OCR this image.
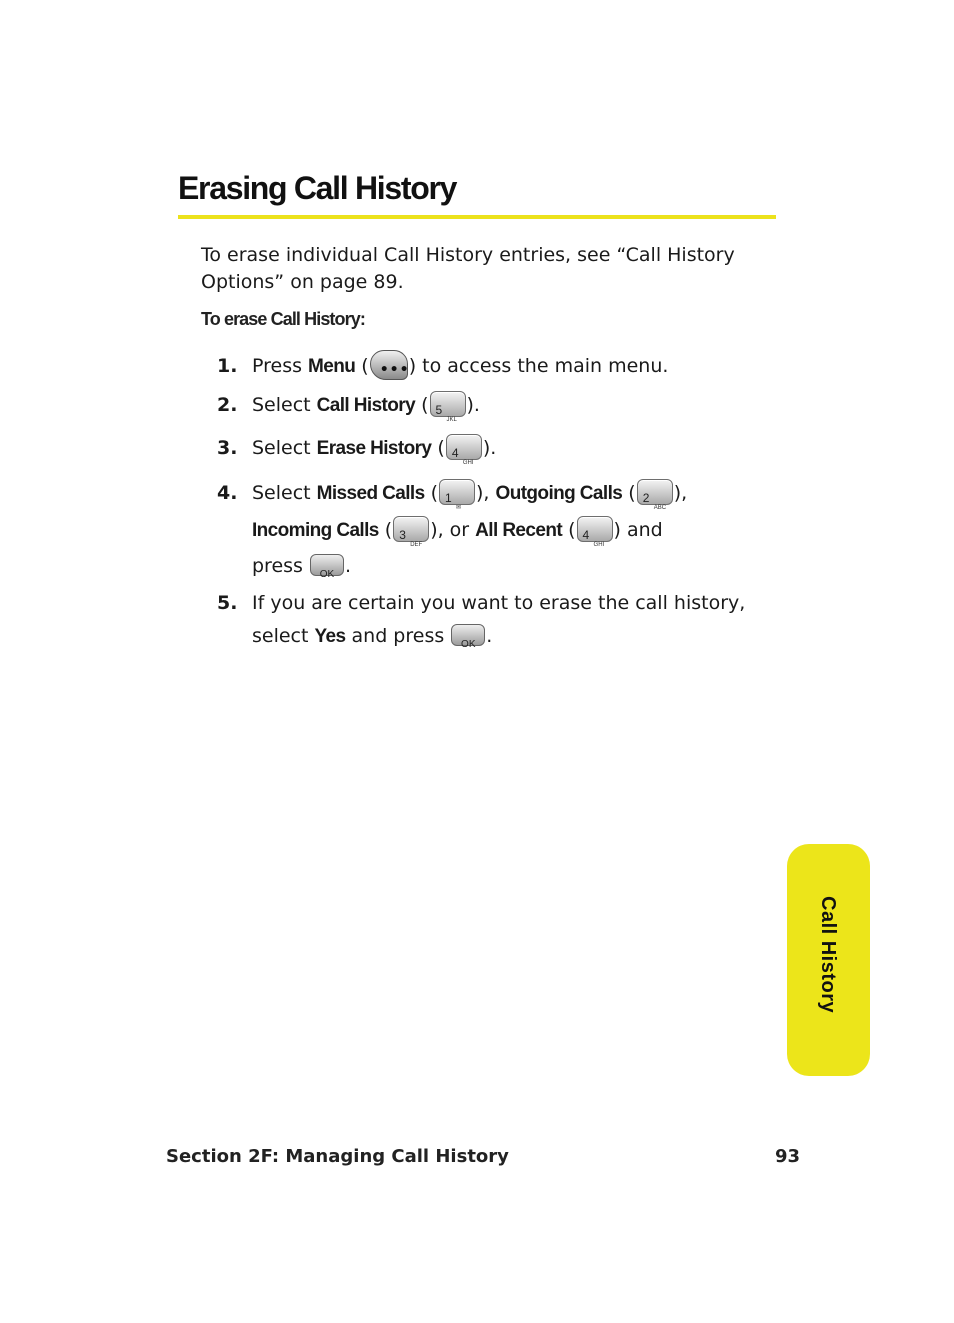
Erasing Call History

To erase individual Call History entries, see “Call History Options” on page 89.

To erase Call History:

1. Press Menu ( ••• ) to access the main menu.
2. Select Call History ( 5
JKL
).
3. Select Erase History ( 4
GHI
).
4. Select Missed Calls ( 1
✉
), Outgoing Calls ( 2
ABC
),
Incoming Calls ( 3
DEF
), or All Recent ( 4
GHI
) and
press	OK .
5. If you are certain you want to erase the call history,
select Yes and press	OK .
Call History
Section 2F: Managing Call History	93
